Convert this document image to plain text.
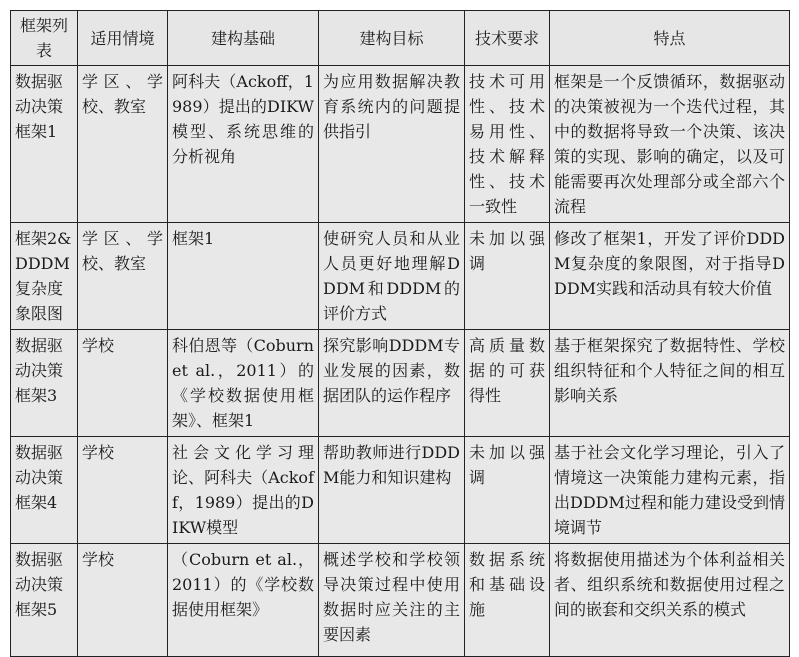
框架列表	适用情境	建构基础	建构目标	技术要求	特点
数据驱动决策框架1	学区、学校、教室	阿科夫（Ackoff，1989）提出的DIKW模型、系统思维的分析视角	为应用数据解决教育系统内的问题提供指引	技术可用性、技术易用性、技术解释性、技术一致性	框架是一个反馈循环，数据驱动的决策被视为一个迭代过程，其中的数据将导致一个决策、该决策的实现、影响的确定，以及可能需要再次处理部分或全部六个流程
框架2&DDDM复杂度象限图	学区、学校、教室	框架1	使研究人员和从业人员更好地理解DDDM和DDDM的评价方式	未加以强调	修改了框架1，开发了评价DDDM复杂度的象限图，对于指导DDDM实践和活动具有较大价值
数据驱动决策框架3	学校	科伯恩等（Coburn et al.，2011）的《学校数据使用框架》、框架1	探究影响DDDM专业发展的因素，数据团队的运作程序	高质量数据的可获得性	基于框架探究了数据特性、学校组织特征和个人特征之间的相互影响关系
数据驱动决策框架4	学校	社会文化学习理论、阿科夫（Ackoff，1989）提出的DIKW模型	帮助教师进行DDDM能力和知识建构	未加以强调	基于社会文化学习理论，引入了情境这一决策能力建构元素，指出DDDM过程和能力建设受到情境调节
数据驱动决策框架5	学校	（Coburn et al.，2011）的《学校数据使用框架》	概述学校和学校领导决策过程中使用数据时应关注的主要因素	数据系统和基础设施	将数据使用描述为个体利益相关者、组织系统和数据使用过程之间的嵌套和交织关系的模式
